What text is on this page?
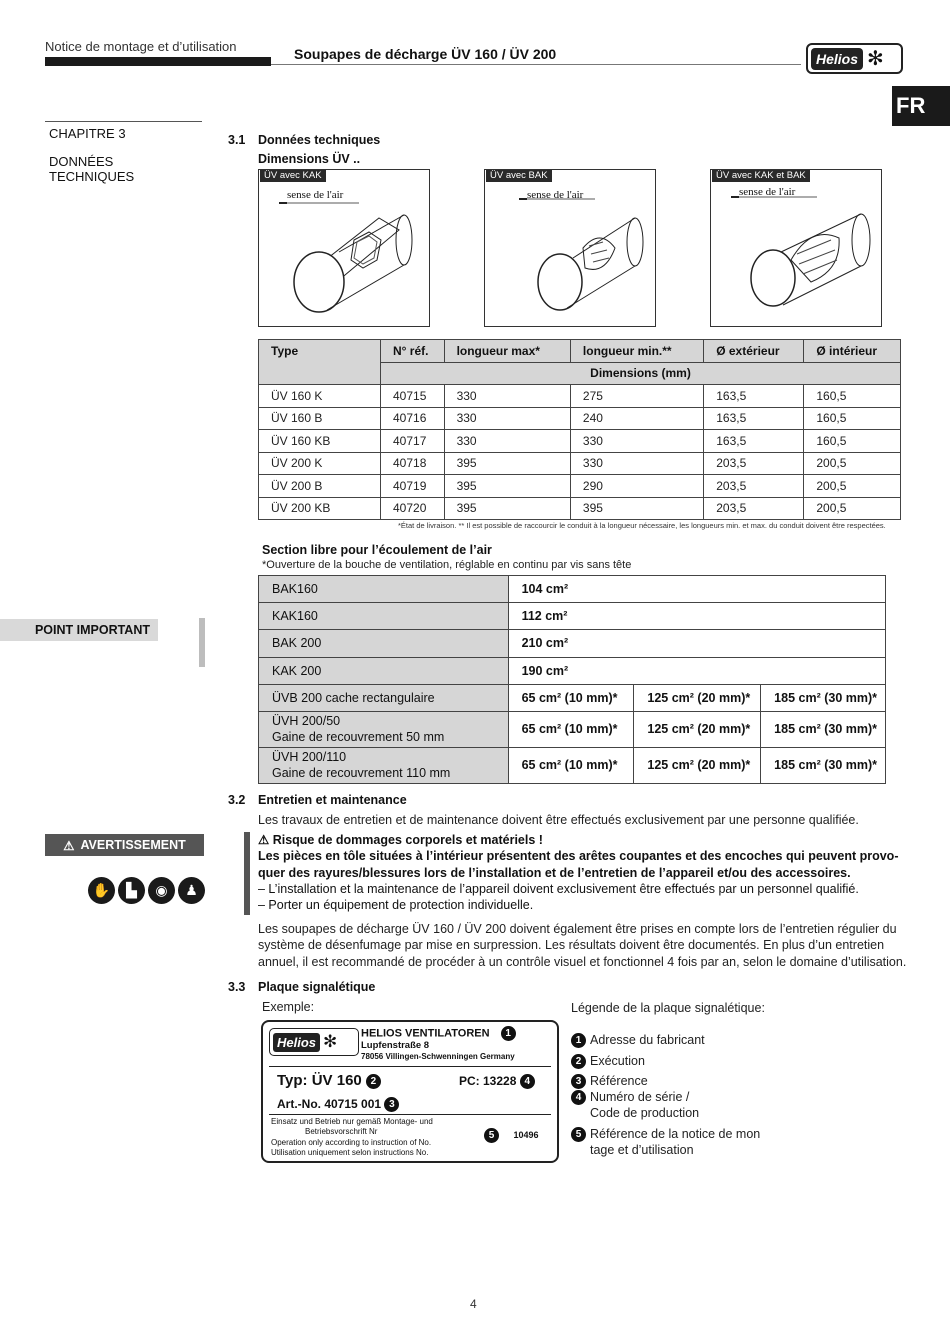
Notice de montage et d’utilisation	Soupapes de décharge ÜV 160 / ÜV 200	Helios ✻
FR
CHAPITRE 3
DONNÉES
TECHNIQUES
POINT IMPORTANT
⚠ AVERTISSEMENT
✋	▙	◉	♟
3.1 Données techniques
Dimensions ÜV ..
ÜV avec KAK
sense de l'air
ÜV avec BAK
sense de l'air
ÜV avec KAK et BAK
sense de l'air
Type	N° réf.	longueur max*	longueur min.**	Ø extérieur	Ø intérieur
	Dimensions (mm)				
ÜV 160 K	40715	330	275	163,5	160,5
ÜV 160 B	40716	330	240	163,5	160,5
ÜV 160 KB	40717	330	330	163,5	160,5
ÜV 200 K	40718	395	330	203,5	200,5
ÜV 200 B	40719	395	290	203,5	200,5
ÜV 200 KB	40720	395	395	203,5	200,5
*État de livraison. ** Il est possible de raccourcir le conduit à la longueur nécessaire, les longueurs min. et max. du conduit doivent être respectées.
Section libre pour l’écoulement de l’air
*Ouverture de la bouche de ventilation, réglable en continu par vis sans tête
BAK160	104 cm²		

KAK160	112 cm²		

BAK 200	210 cm²		

KAK 200	190 cm²		

ÜVB 200 cache rectangulaire	65 cm² (10 mm)*	125 cm² (20 mm)*	185 cm² (30 mm)*

ÜVH 200/50
Gaine de recouvrement 50 mm	65 cm² (10 mm)*	125 cm² (20 mm)*	185 cm² (30 mm)*

ÜVH 200/110
Gaine de recouvrement 110 mm	65 cm² (10 mm)*	125 cm² (20 mm)*	185 cm² (30 mm)*
3.2 Entretien et maintenance
Les travaux de entretien et de maintenance doivent être effectués exclusivement par une personne qualifiée.
⚠ Risque de dommages corporels et matériels !
Les pièces en tôle situées à l’intérieur présentent des arêtes coupantes et des encoches qui peuvent provo-
quer des rayures/blessures lors de l’installation et de l’entretien de l’appareil et/ou des accessoires.
– L’installation et la maintenance de l’appareil doivent exclusivement être effectués par un personnel qualifié.
– Porter un équipement de protection individuelle.
Les soupapes de décharge ÜV 160 / ÜV 200 doivent également être prises en compte lors de l’entretien régulier du
système de désenfumage par mise en surpression. Les résultats doivent être documentés. En plus d’un entretien
annuel, il est recommandé de procéder à un contrôle visuel et fonctionnel 4 fois par an, selon le domaine d’utilisation.
3.3 Plaque signalétique
Exemple:
Helios ✻ HELIOS VENTILATOREN 1
Lupfenstraße 8
78056 Villingen-Schwenningen Germany
Typ: ÜV 160 2	PC: 13228 4
Art.-No. 40715 001 3
Einsatz und Betrieb nur gemäß Montage- und
Betriebsvorschrift Nr
Operation only according to instruction of No.
Utilisation uniquement selon instructions No.
5 10496
Légende de la plaque signalétique:
1 Adresse du fabricant
2 Exécution
3 Référence
4 Numéro de série /
Code de production
5 Référence de la notice de mon
tage et d’utilisation
4
